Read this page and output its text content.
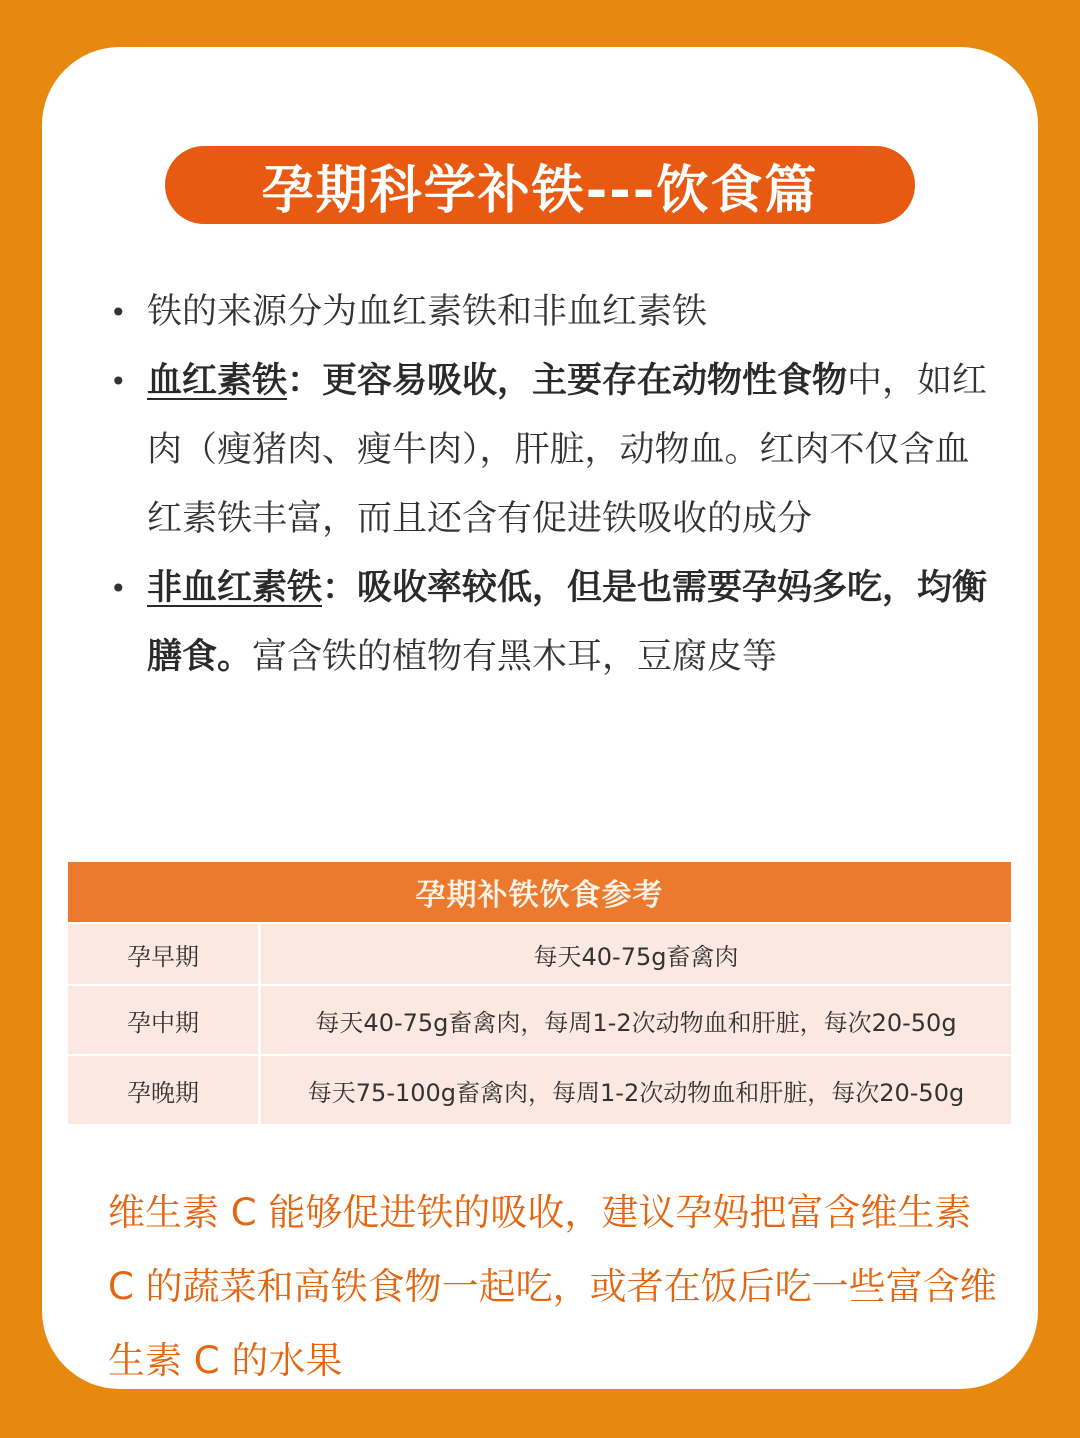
孕期科学补铁---饮食篇
• 铁的来源分为血红素铁和非血红素铁
• 血红素铁：更容易吸收，主要存在动物性食物中，如红肉（瘦猪肉、瘦牛肉），肝脏，动物血。红肉不仅含血红素铁丰富，而且还含有促进铁吸收的成分
• 非血红素铁：吸收率较低，但是也需要孕妈多吃，均衡膳食。富含铁的植物有黑木耳，豆腐皮等
孕期补铁饮食参考
孕早期	每天40-75g畜禽肉
孕中期	每天40-75g畜禽肉，每周1-2次动物血和肝脏，每次20-50g
孕晚期	每天75-100g畜禽肉，每周1-2次动物血和肝脏，每次20-50g
维生素 C 能够促进铁的吸收，建议孕妈把富含维生素 C 的蔬菜和高铁食物一起吃，或者在饭后吃一些富含维生素 C 的水果
